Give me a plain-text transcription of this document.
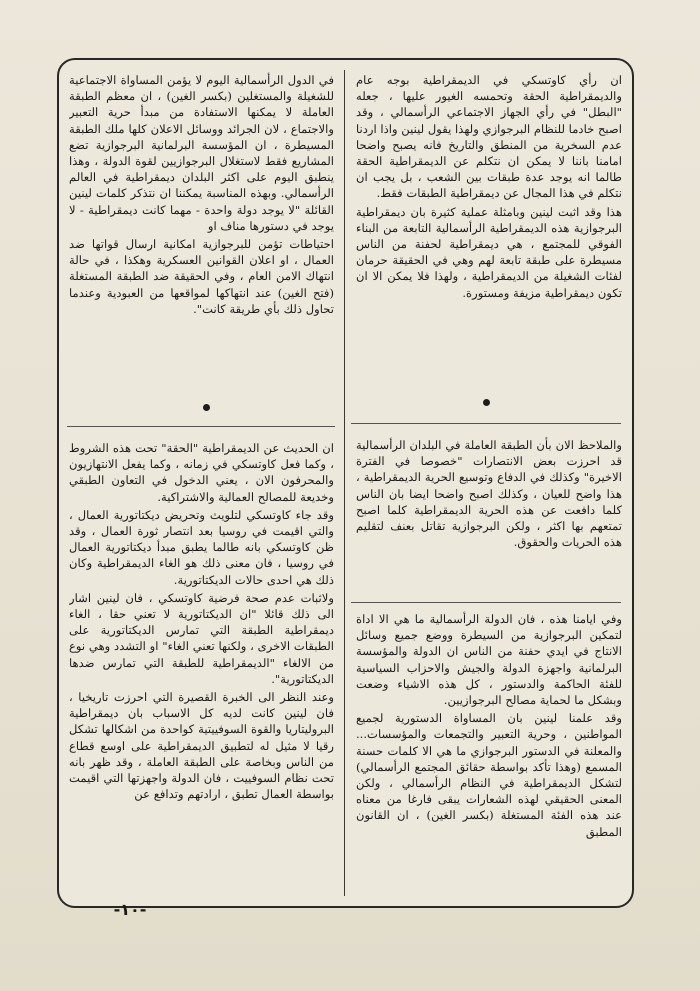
ان رأي كاوتسكي في الديمقراطية بوجه عام والديمقراطية الحقة وتحمسه الغيور عليها ، جعله "البطل" في رأي الجهاز الاجتماعي الرأسمالي ، وقد اصبح خادما للنظام البرجوازي ولهذا يقول لينين واذا اردنا عدم السخرية من المنطق والتاريخ فانه يصبح واضحا امامنا باننا لا يمكن ان نتكلم عن الديمقراطية الحقة طالما انه يوجد عدة طبقات بين الشعب ، بل يجب ان نتكلم في هذا المجال عن ديمقراطية الطبقات فقط.

هذا وقد اثبت لينين وبامثلة عملية كثيرة بان ديمقراطية البرجوازية هذه الديمقراطية الرأسمالية التابعة من البناء الفوقي للمجتمع ، هي ديمقراطية لحفنة من الناس مسيطرة على طبقة تابعة لهم وهي في الحقيقة حرمان لفئات الشغيلة من الديمقراطية ، ولهذا فلا يمكن الا ان تكون ديمقراطية مزيفة ومستورة.

والملاحظ الان بأن الطبقة العاملة في البلدان الرأسمالية قد احرزت بعض الانتصارات "خصوصا في الفترة الاخيرة" وكذلك في الدفاع وتوسيع الحرية الديمقراطية ، هذا واضح للعيان ، وكذلك اصبح واضحا ايضا بان الناس كلما دافعت عن هذه الحرية الديمقراطية كلما اصبح تمتعهم بها اكثر ، ولكن البرجوازية تقاتل بعنف لتقليم هذه الحريات والحقوق.

وفي ايامنا هذه ، فان الدولة الرأسمالية ما هي الا اداة لتمكين البرجوازية من السيطرة ووضع جميع وسائل الانتاج في ايدي حفنة من الناس ان الدولة والمؤسسة البرلمانية واجهزة الدولة والجيش والاحزاب السياسية للفئة الحاكمة والدستور ، كل هذه الاشياء وضعت وبشكل ما لحماية مصالح البرجوازيين.

وقد علمنا لينين بان المساواة الدستورية لجميع المواطنين ، وحرية التعبير والتجمعات والمؤسسات... والمعلنة في الدستور البرجوازي ما هي الا كلمات حسنة المسمع (وهذا تأكد بواسطة حقائق المجتمع الرأسمالي) لتشكل الديمقراطية في النظام الرأسمالي ، ولكن المعنى الحقيقي لهذه الشعارات يبقى فارغا من معناه عند هذه الفئة المستغلة (بكسر الغين) ، ان القانون المطبق

في الدول الرأسمالية اليوم لا يؤمن المساواة الاجتماعية للشغيلة والمستغلين (بكسر الغين) ، ان معظم الطبقة العاملة لا يمكنها الاستفادة من مبدأ حرية التعبير والاجتماع ، لان الجرائد ووسائل الاعلان كلها ملك الطبقة المسيطرة ، ان المؤسسة البرلمانية البرجوازية تضع المشاريع فقط لاستغلال البرجوازيين لقوة الدولة ، وهذا ينطبق اليوم على اكثر البلدان ديمقراطية في العالم الرأسمالي. وبهذه المناسبة يمكننا ان نتذكر كلمات لينين القائلة "لا يوجد دولة واحدة - مهما كانت ديمقراطية - لا يوجد في دستورها مناف او

احتياطات تؤمن للبرجوازية امكانية ارسال قواتها ضد العمال ، او اعلان القوانين العسكرية وهكذا ، في حالة انتهاك الامن العام ، وفي الحقيقة ضد الطبقة المستغلة (فتح الغين) عند انتهاكها لمواقعها من العبودية وعندما تحاول ذلك بأي طريقة كانت".

ان الحديث عن الديمقراطية "الحقة" تحت هذه الشروط ، وكما فعل كاوتسكي في زمانه ، وكما يفعل الانتهازيون والمحرفون الان ، يعني الدخول في التعاون الطبقي وخديعة للمصالح العمالية والاشتراكية.

وقد جاء كاوتسكي لتلويث وتحريض ديكتاتورية العمال ، والتي اقيمت في روسيا بعد انتصار ثورة العمال ، وقد ظن كاوتسكي بانه طالما يطبق مبدأ ديكتاتورية العمال في روسيا ، فان معنى ذلك هو الغاء الديمقراطية وكان ذلك هي احدى حالات الديكتاتورية.

ولاثبات عدم صحة فرضية كاوتسكي ، فان لينين اشار الى ذلك قائلا "ان الديكتاتورية لا تعني حقا ، الغاء ديمقراطية الطبقة التي تمارس الديكتاتورية على الطبقات الاخرى ، ولكنها تعني الغاء" او التشدد وهي نوع من الالغاء "الديمقراطية للطبقة التي تمارس ضدها الديكتاتورية".

وعند النظر الى الخبرة القصيرة التي احرزت تاريخيا ، فان لينين كانت لديه كل الاسباب بان ديمقراطية البروليتاريا والقوة السوفييتية كواحدة من اشكالها تشكل رقيا لا مثيل له لتطبيق الديمقراطية على اوسع قطاع من الناس وبخاصة على الطبقة العاملة ، وقد ظهر بانه تحت نظام السوفييت ، فان الدولة واجهزتها التي اقيمت بواسطة العمال تطبق ، ارادتهم وتدافع عن

-١٠-
